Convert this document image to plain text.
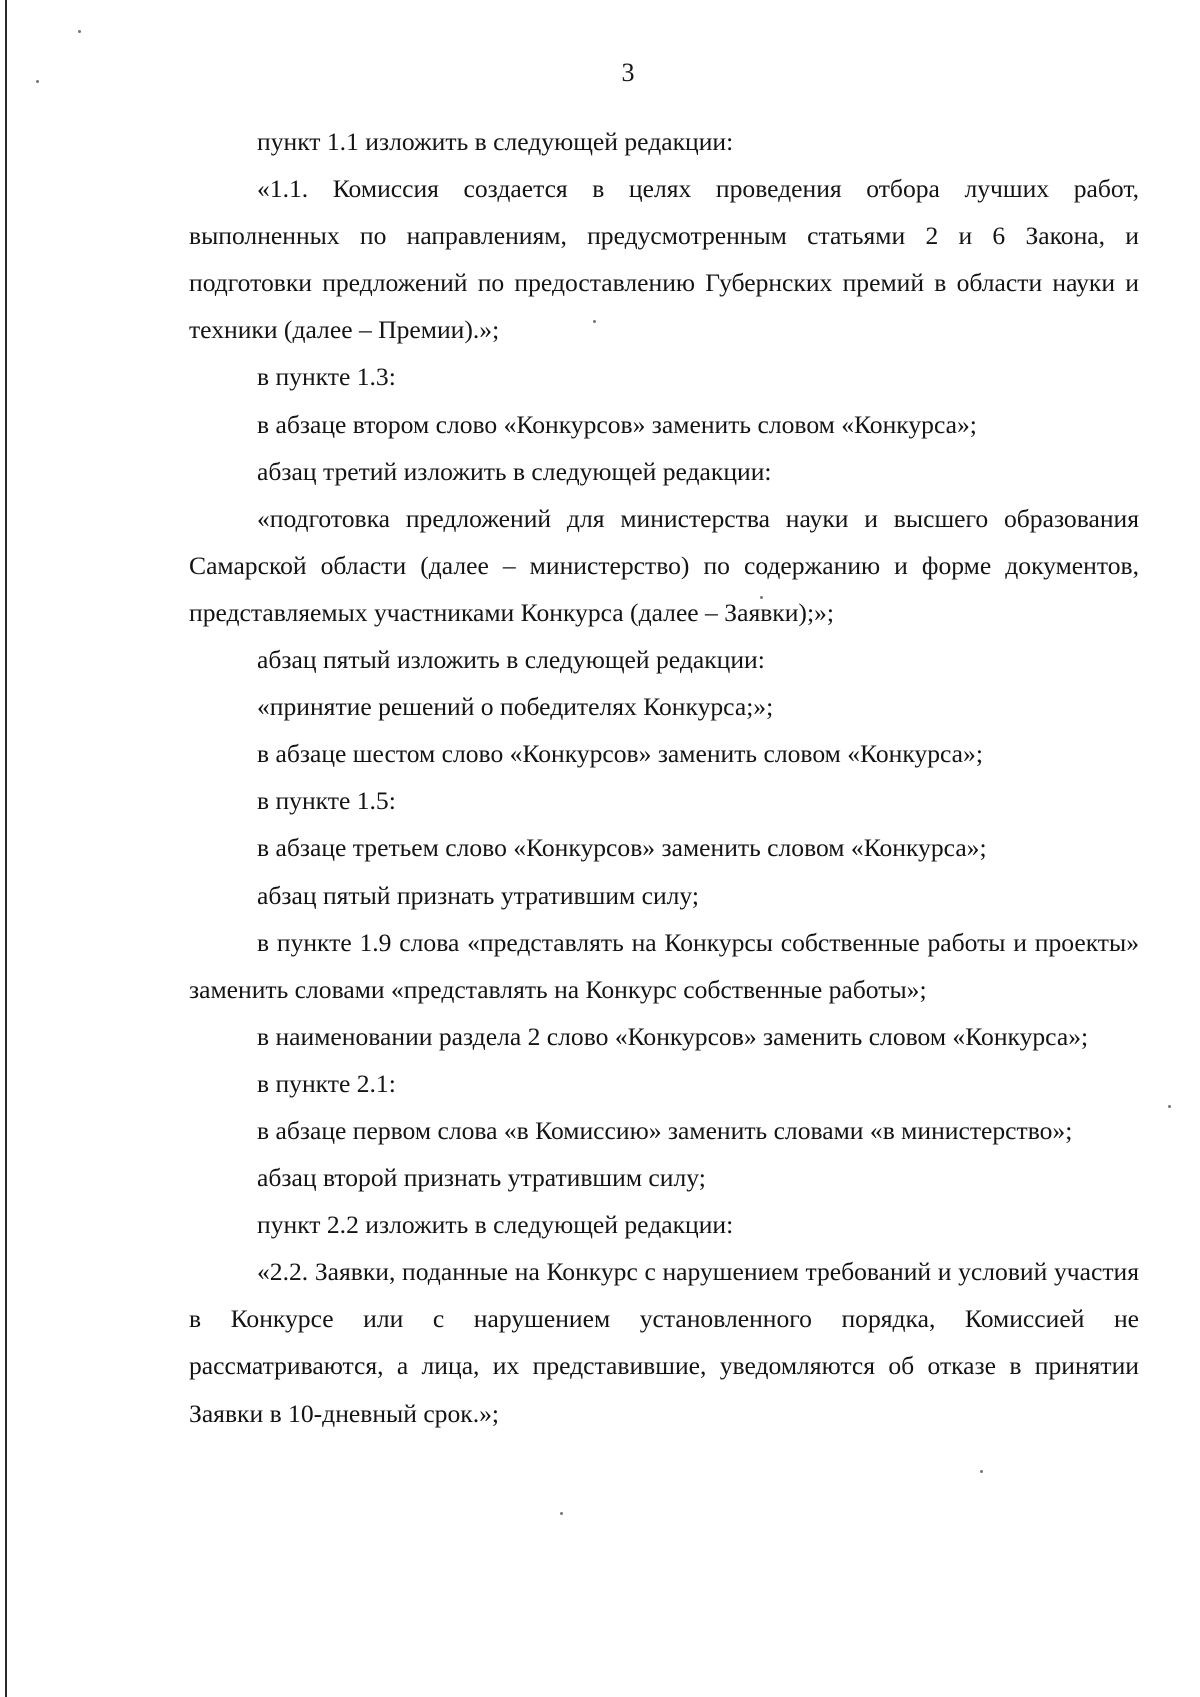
3

пункт 1.1 изложить в следующей редакции:

«1.1. Комиссия создается в целях проведения отбора лучших работ, выполненных по направлениям, предусмотренным статьями 2 и 6 Закона, и подготовки предложений по предоставлению Губернских премий в области науки и техники (далее – Премии).»;

в пункте 1.3:

в абзаце втором слово «Конкурсов» заменить словом «Конкурса»;

абзац третий изложить в следующей редакции:

«подготовка предложений для министерства науки и высшего образования Самарской области (далее – министерство) по содержанию и форме документов, представляемых участниками Конкурса (далее – Заявки);»;

абзац пятый изложить в следующей редакции:

«принятие решений о победителях Конкурса;»;

в абзаце шестом слово «Конкурсов» заменить словом «Конкурса»;

в пункте 1.5:

в абзаце третьем слово «Конкурсов» заменить словом «Конкурса»;

абзац пятый признать утратившим силу;

в пункте 1.9 слова «представлять на Конкурсы собственные работы и проекты» заменить словами «представлять на Конкурс собственные работы»;

в наименовании раздела 2 слово «Конкурсов» заменить словом «Конкурса»;

в пункте 2.1:

в абзаце первом слова «в Комиссию» заменить словами «в министерство»;

абзац второй признать утратившим силу;

пункт 2.2 изложить в следующей редакции:

«2.2. Заявки, поданные на Конкурс с нарушением требований и условий участия в Конкурсе или с нарушением установленного порядка, Комиссией не рассматриваются, а лица, их представившие, уведомляются об отказе в принятии Заявки в 10-дневный срок.»;
